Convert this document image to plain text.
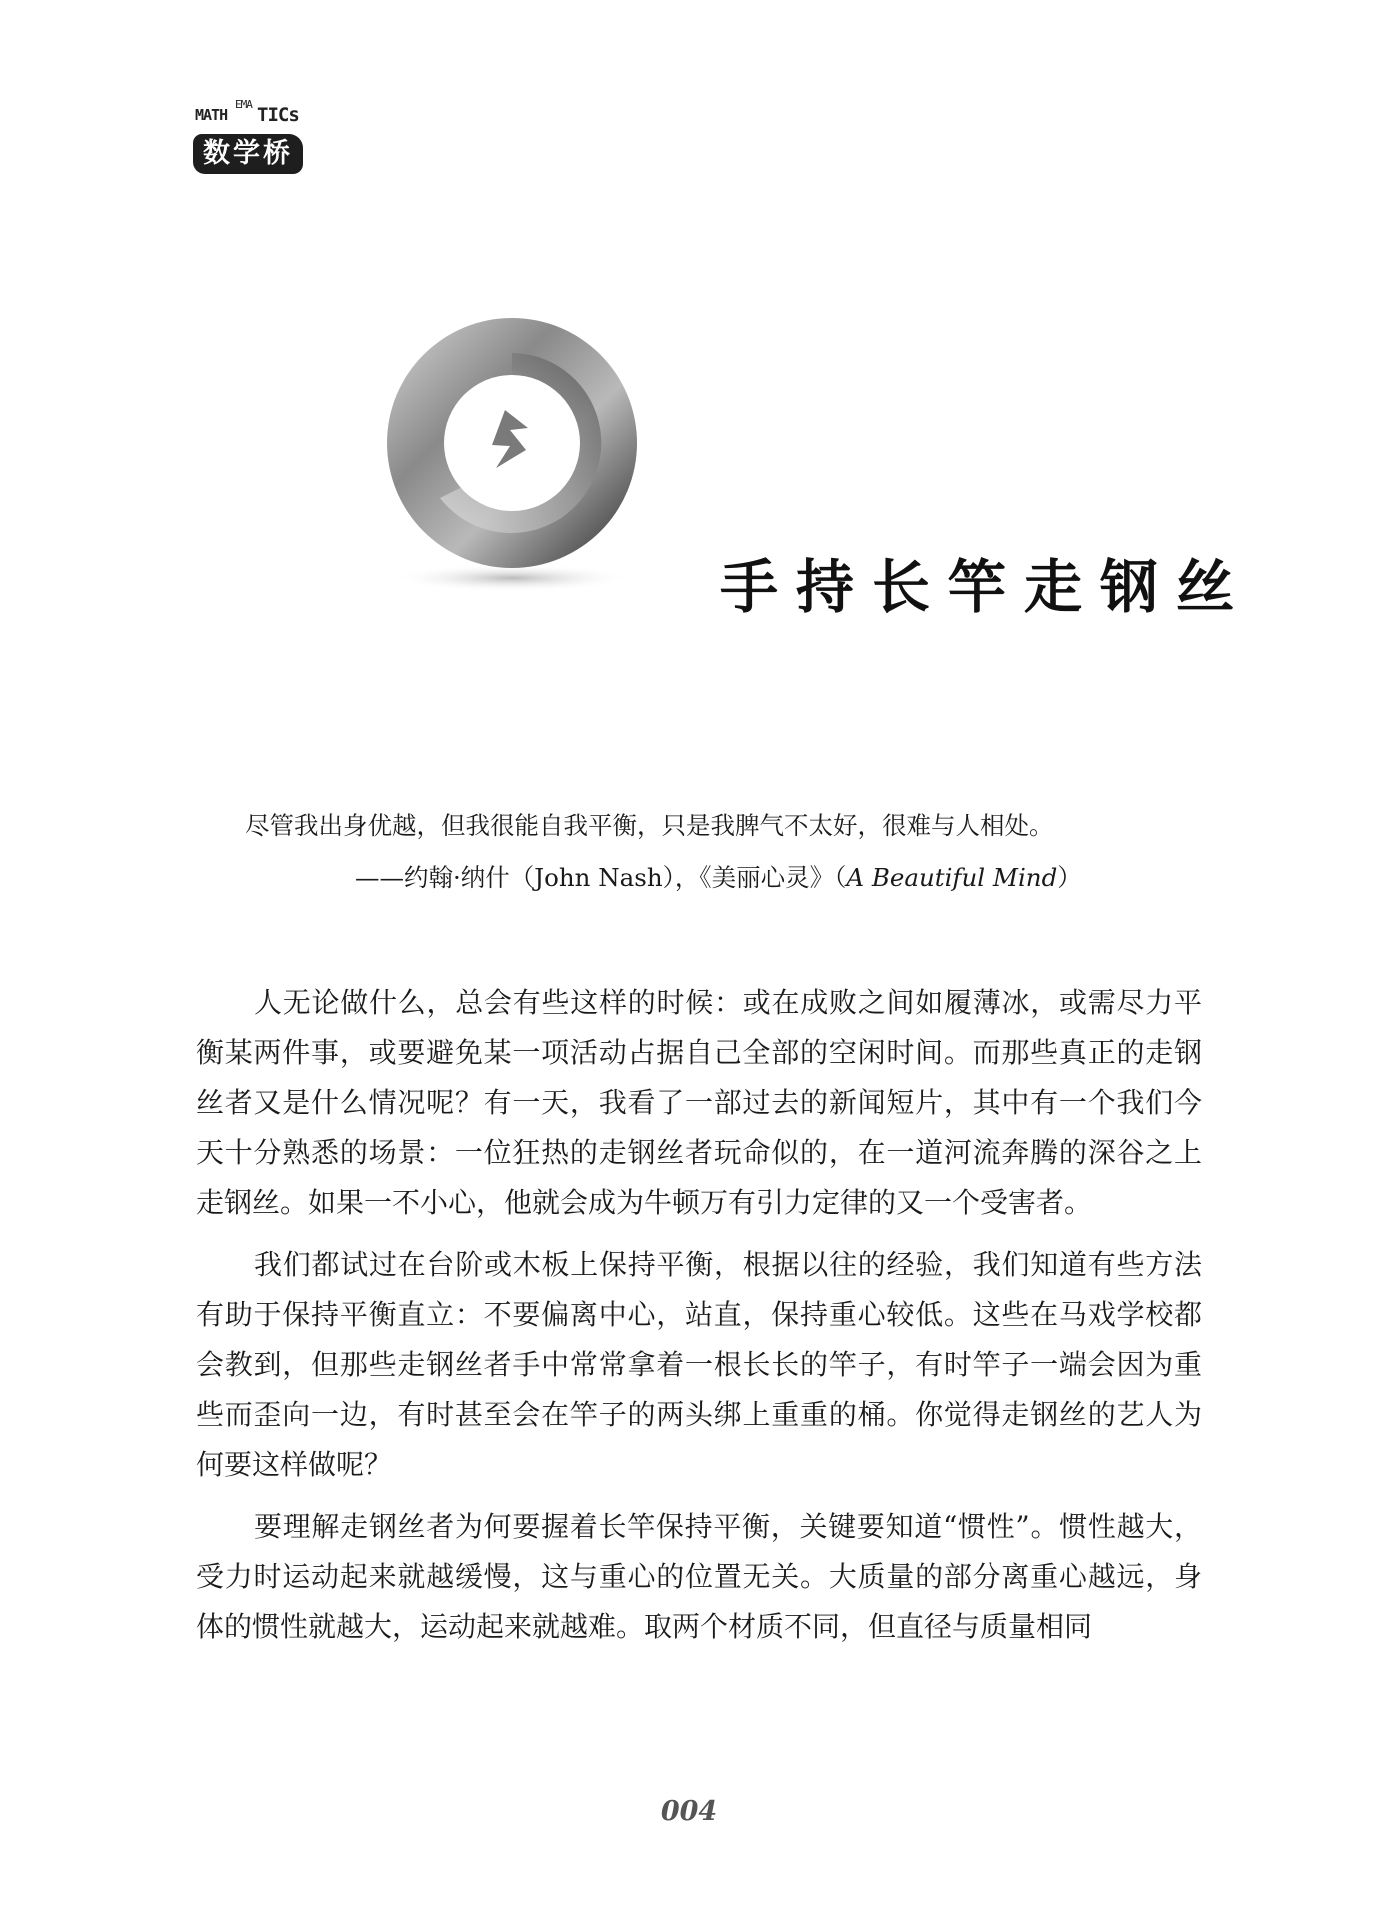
MATH
EMA TICs
数学桥
手持长竿走钢丝
尽管我出身优越，但我很能自我平衡，只是我脾气不太好，很难与人相处。
——约翰·纳什（John Nash），《美丽心灵》（A Beautiful Mind）

人无论做什么，总会有些这样的时候：或在成败之间如履薄冰，或需尽力平衡某两件事，或要避免某一项活动占据自己全部的空闲时间。而那些真正的走钢丝者又是什么情况呢？有一天，我看了一部过去的新闻短片，其中有一个我们今天十分熟悉的场景：一位狂热的走钢丝者玩命似的，在一道河流奔腾的深谷之上走钢丝。如果一不小心，他就会成为牛顿万有引力定律的又一个受害者。

我们都试过在台阶或木板上保持平衡，根据以往的经验，我们知道有些方法有助于保持平衡直立：不要偏离中心，站直，保持重心较低。这些在马戏学校都会教到，但那些走钢丝者手中常常拿着一根长长的竿子，有时竿子一端会因为重些而歪向一边，有时甚至会在竿子的两头绑上重重的桶。你觉得走钢丝的艺人为何要这样做呢？

要理解走钢丝者为何要握着长竿保持平衡，关键要知道“惯性”。惯性越大，受力时运动起来就越缓慢，这与重心的位置无关。大质量的部分离重心越远，身体的惯性就越大，运动起来就越难。取两个材质不同，但直径与质量相同

004
